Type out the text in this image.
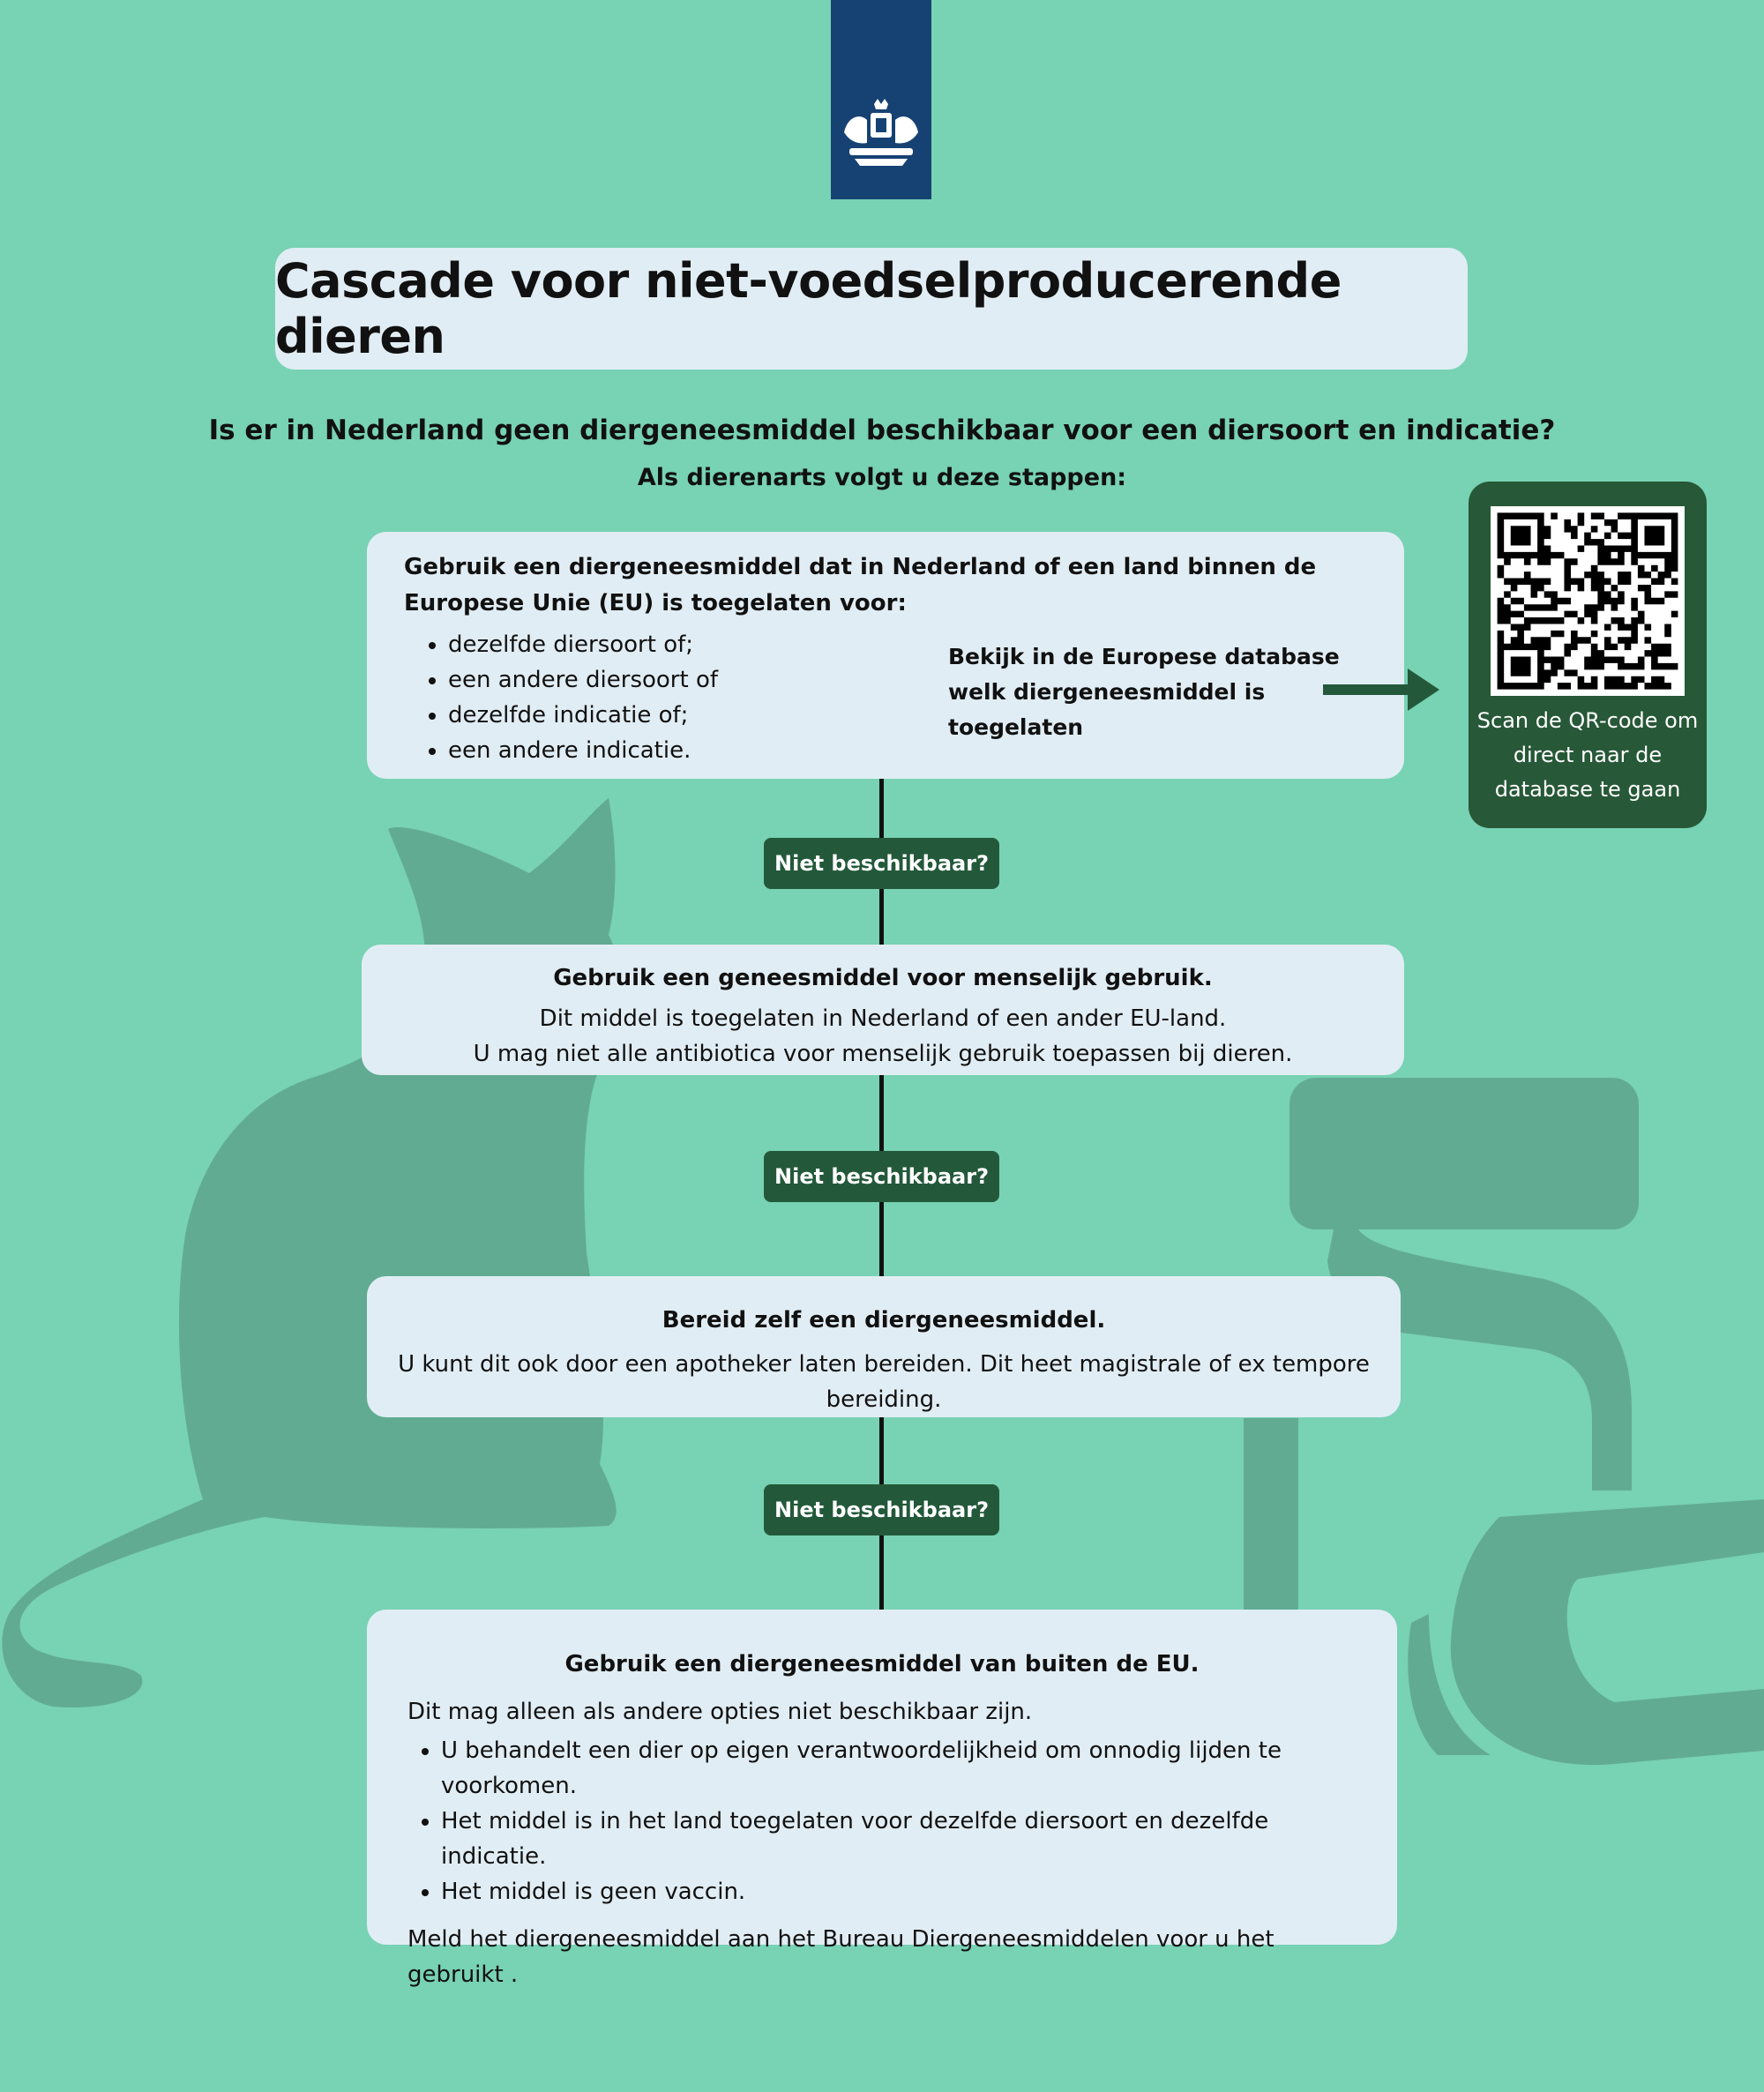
Cascade voor niet-voedselproducerende dieren
Is er in Nederland geen diergeneesmiddel beschikbaar voor een diersoort en indicatie?
Als dierenarts volgt u deze stappen:
Gebruik een diergeneesmiddel dat in Nederland of een land binnen de Europese Unie (EU) is toegelaten voor:
• dezelfde diersoort of;
• een andere diersoort of
• dezelfde indicatie of;
• een andere indicatie.
Bekijk in de Europese database welk diergeneesmiddel is toegelaten	Scan de QR-code om direct naar de database te gaan
Niet beschikbaar?
Niet beschikbaar?
Niet beschikbaar?
Gebruik een geneesmiddel voor menselijk gebruik.
Dit middel is toegelaten in Nederland of een ander EU-land.
U mag niet alle antibiotica voor menselijk gebruik toepassen bij dieren.
Bereid zelf een diergeneesmiddel.
U kunt dit ook door een apotheker laten bereiden. Dit heet magistrale of ex tempore bereiding.
Gebruik een diergeneesmiddel van buiten de EU.
Dit mag alleen als andere opties niet beschikbaar zijn.
• U behandelt een dier op eigen verantwoordelijkheid om onnodig lijden te voorkomen.
• Het middel is in het land toegelaten voor dezelfde diersoort en dezelfde indicatie.
• Het middel is geen vaccin.
Meld het diergeneesmiddel aan het Bureau Diergeneesmiddelen voor u het gebruikt .
